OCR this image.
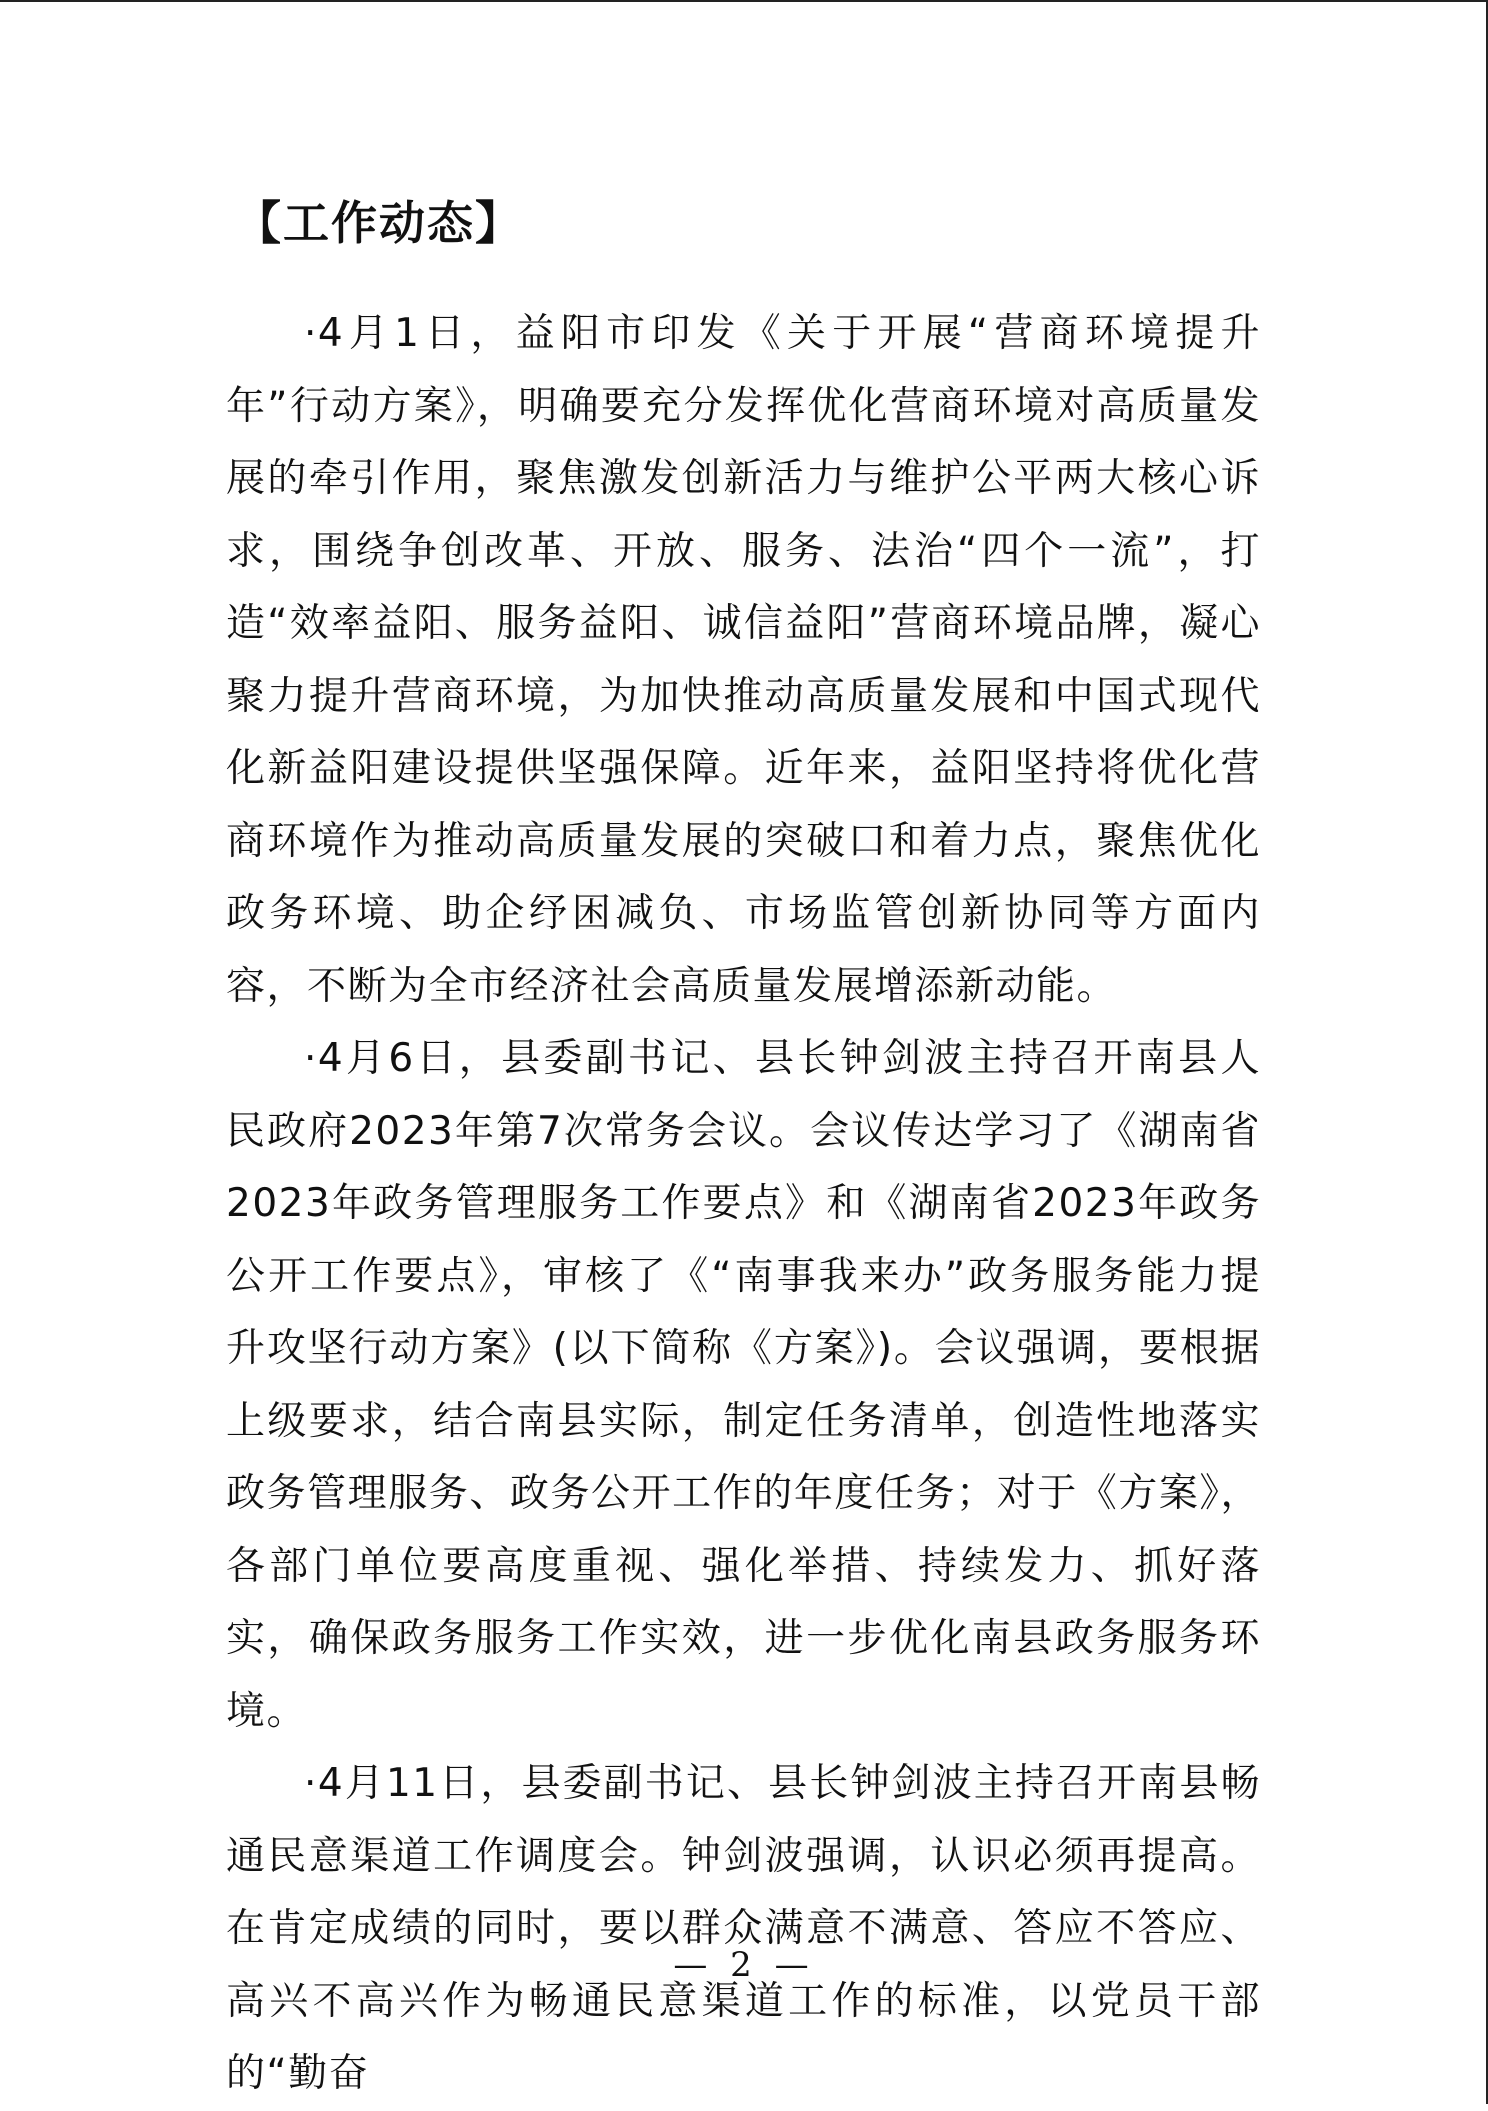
【工作动态】

·4月1日，益阳市印发《关于开展“营商环境提升年”行动方案》，明确要充分发挥优化营商环境对高质量发展的牵引作用，聚焦激发创新活力与维护公平两大核心诉求，围绕争创改革、开放、服务、法治“四个一流”，打造“效率益阳、服务益阳、诚信益阳”营商环境品牌，凝心聚力提升营商环境，为加快推动高质量发展和中国式现代化新益阳建设提供坚强保障。近年来，益阳坚持将优化营商环境作为推动高质量发展的突破口和着力点，聚焦优化政务环境、助企纾困减负、市场监管创新协同等方面内容，不断为全市经济社会高质量发展增添新动能。

·4月6日，县委副书记、县长钟剑波主持召开南县人民政府2023年第7次常务会议。会议传达学习了《湖南省2023年政务管理服务工作要点》和《湖南省2023年政务公开工作要点》，审核了《“南事我来办”政务服务能力提升攻坚行动方案》(以下简称《方案》)。会议强调，要根据上级要求，结合南县实际，制定任务清单，创造性地落实政务管理服务、政务公开工作的年度任务；对于《方案》，各部门单位要高度重视、强化举措、持续发力、抓好落实，确保政务服务工作实效，进一步优化南县政务服务环境。

·4月11日，县委副书记、县长钟剑波主持召开南县畅通民意渠道工作调度会。钟剑波强调，认识必须再提高。在肯定成绩的同时，要以群众满意不满意、答应不答应、高兴不高兴作为畅通民意渠道工作的标准，以党员干部的“勤奋

— 2 —
